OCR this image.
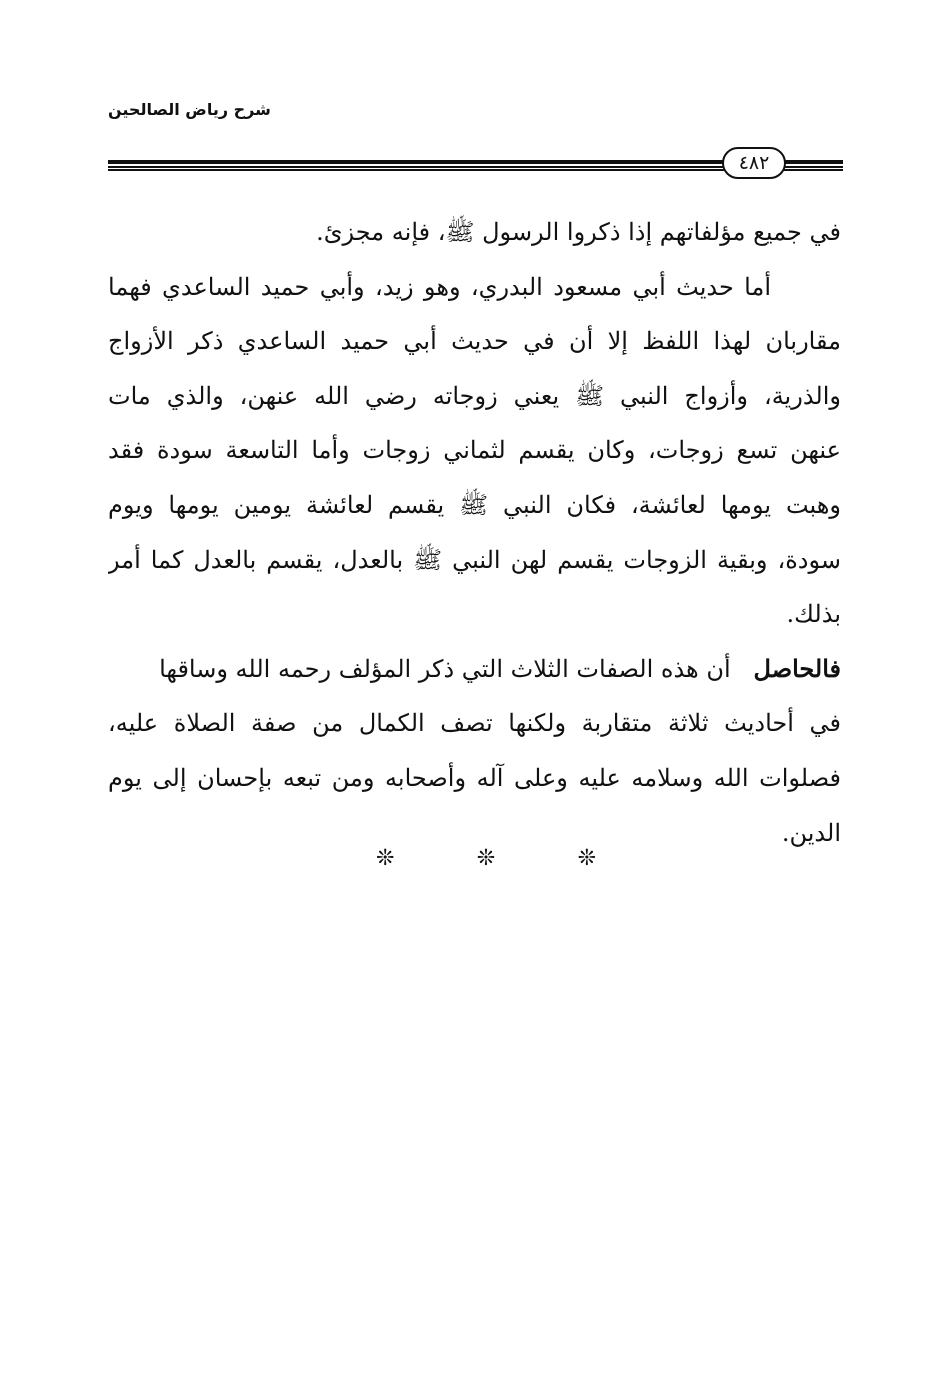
شرح رياض الصالحين
٤٨٢
في جميع مؤلفاتهم إذا ذكروا الرسول ﷺ، فإنه مجزئ.
أما حديث أبي مسعود البدري، وهو زيد، وأبي حميد الساعدي فهما
مقاربان لهذا اللفظ إلا أن في حديث أبي حميد الساعدي ذكر الأزواج
والذرية، وأزواج النبي ﷺ يعني زوجاته رضي الله عنهن، والذي مات
عنهن تسع زوجات، وكان يقسم لثماني زوجات وأما التاسعة سودة فقد
وهبت يومها لعائشة، فكان النبي ﷺ يقسم لعائشة يومين يومها ويوم
سودة، وبقية الزوجات يقسم لهن النبي ﷺ بالعدل، يقسم بالعدل كما أمر
بذلك.
فالحاصل   أن هذه الصفات الثلاث التي ذكر المؤلف رحمه الله وساقها
في أحاديث ثلاثة متقاربة ولكنها تصف الكمال من صفة الصلاة عليه،
فصلوات الله وسلامه عليه وعلى آله وأصحابه ومن تبعه بإحسان إلى يوم
الدين.
❊	❊	❊
